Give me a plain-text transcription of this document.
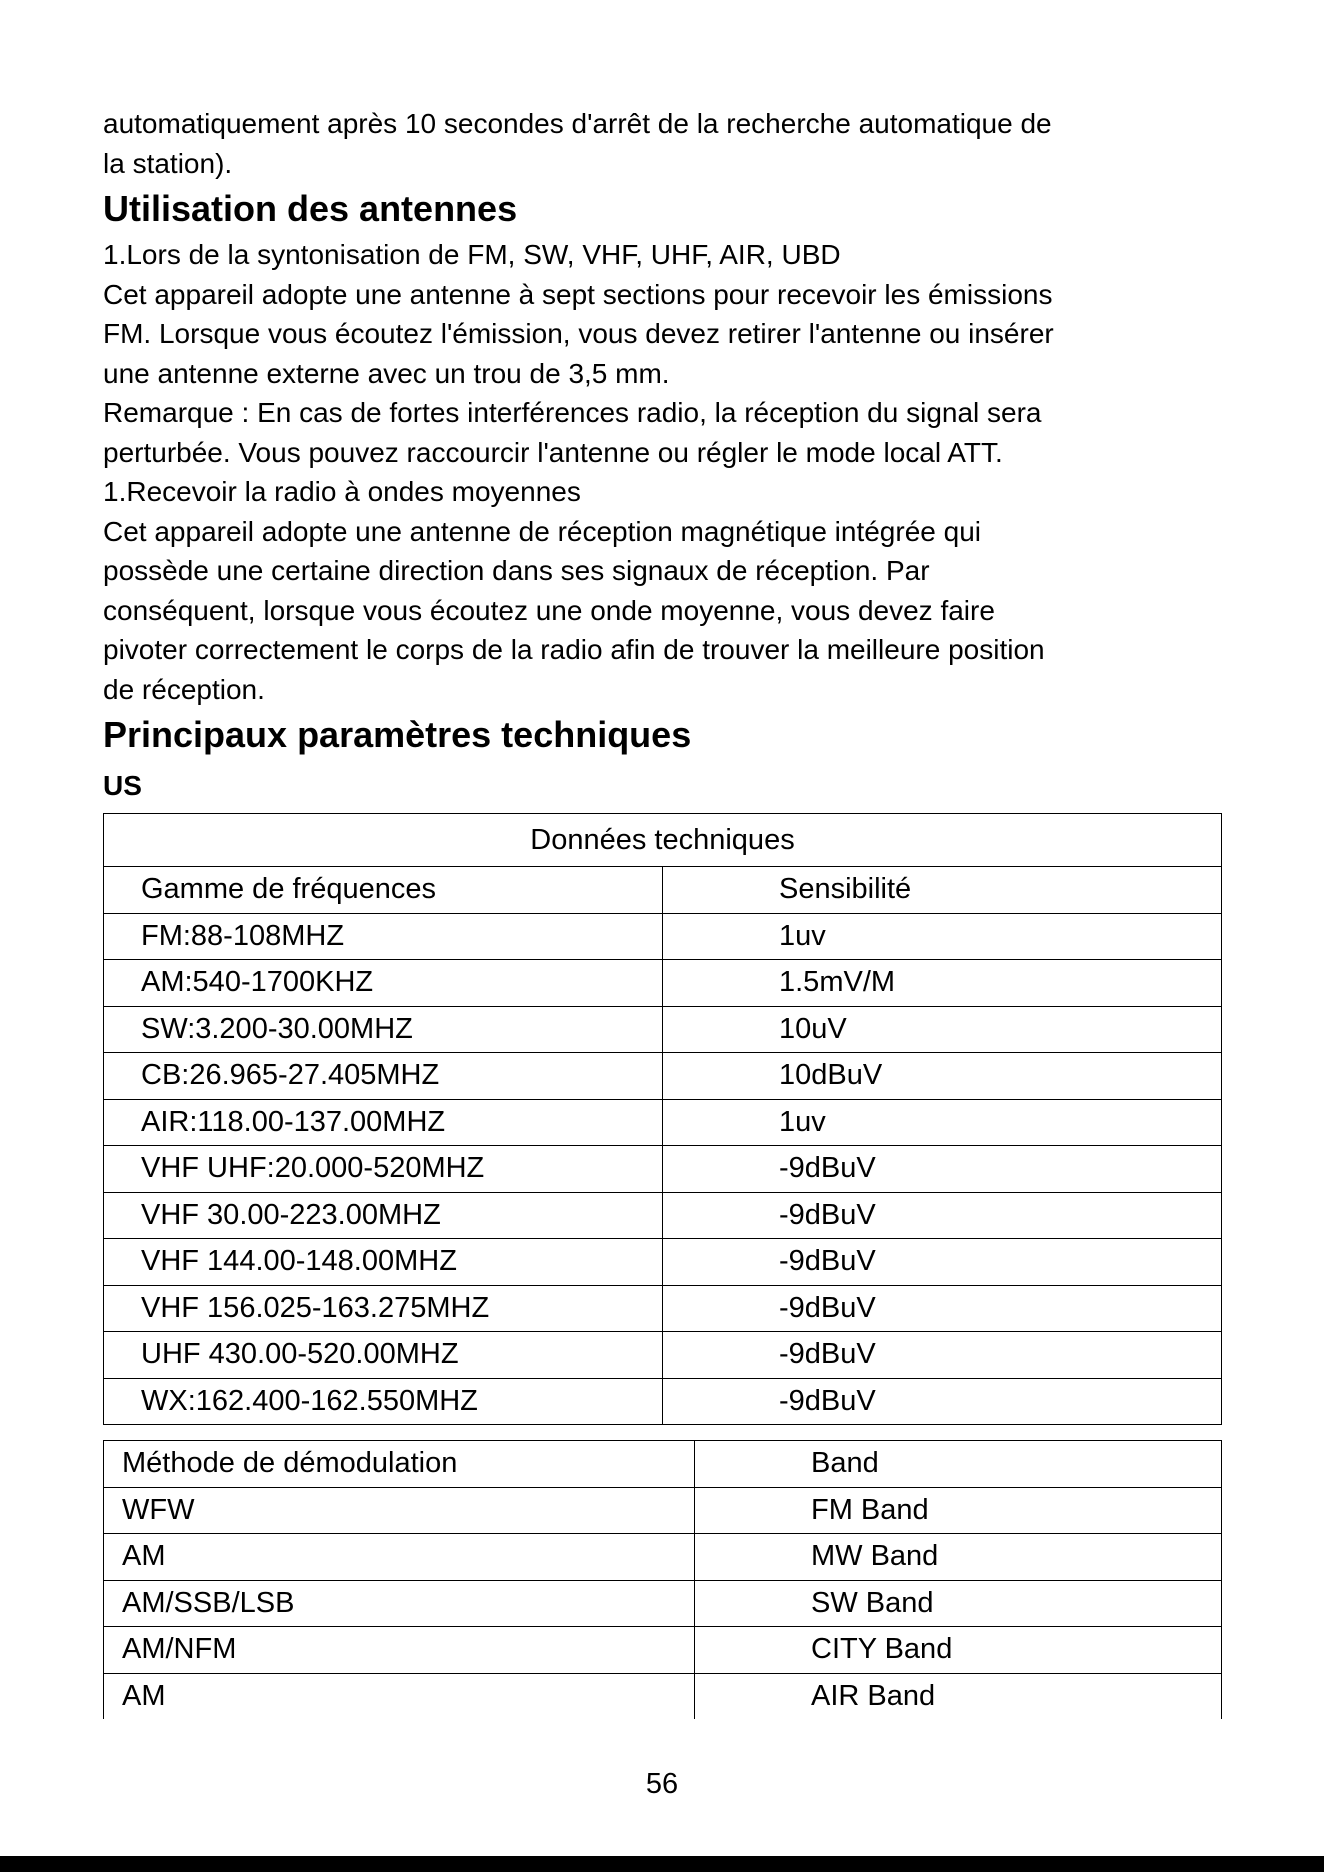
automatiquement après 10 secondes d'arrêt de la recherche automatique de

la station).

Utilisation des antennes

1.Lors de la syntonisation de FM, SW, VHF, UHF, AIR, UBD

Cet appareil adopte une antenne à sept sections pour recevoir les émissions

FM. Lorsque vous écoutez l'émission, vous devez retirer l'antenne ou insérer

une antenne externe avec un trou de 3,5 mm.

Remarque : En cas de fortes interférences radio, la réception du signal sera

perturbée. Vous pouvez raccourcir l'antenne ou régler le mode local ATT.

1.Recevoir la radio à ondes moyennes

Cet appareil adopte une antenne de réception magnétique intégrée qui

possède une certaine direction dans ses signaux de réception. Par

conséquent, lorsque vous écoutez une onde moyenne, vous devez faire

pivoter correctement le corps de la radio afin de trouver la meilleure position

de réception.

Principaux paramètres techniques
US
Données techniques	
Gamme de fréquences	Sensibilité
FM:88-108MHZ	1uv
AM:540-1700KHZ	1.5mV/M
SW:3.200-30.00MHZ	10uV
CB:26.965-27.405MHZ	10dBuV
AIR:118.00-137.00MHZ	1uv
VHF UHF:20.000-520MHZ	-9dBuV
VHF 30.00-223.00MHZ	-9dBuV
VHF 144.00-148.00MHZ	-9dBuV
VHF 156.025-163.275MHZ	-9dBuV
UHF 430.00-520.00MHZ	-9dBuV
WX:162.400-162.550MHZ	-9dBuV
Méthode de démodulation	Band
WFW	FM Band
AM	MW Band
AM/SSB/LSB	SW Band
AM/NFM	CITY Band
AM	AIR Band
56
